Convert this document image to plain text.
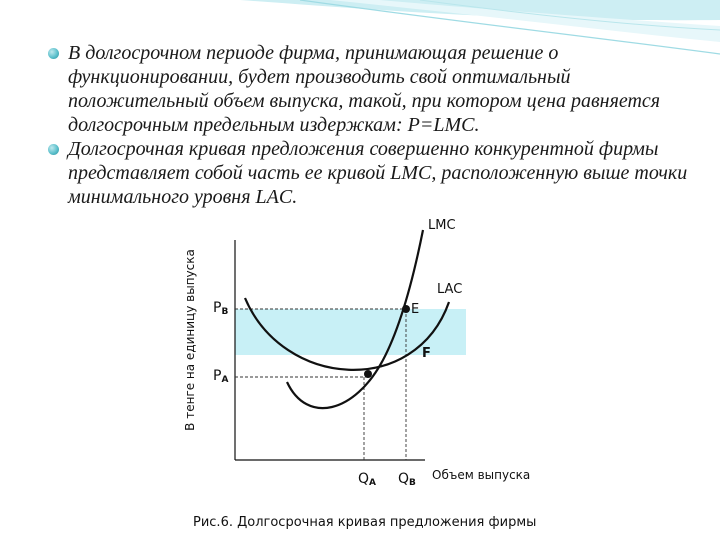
В долгосрочном периоде фирма, принимающая решение о функционировании, будет производить свой оптимальный положительный объем выпуска, такой, при котором цена равняется долгосрочным предельным издержкам: P=LMC.
Долгосрочная кривая предложения совершенно конкурентной фирмы представляет собой часть ее кривой LMC, расположенную выше точки минимального уровня LAC.
В тенге на единицу выпуска
LMC
LAC
PB
PA
E
F
QA QB
Объем выпуска
Рис.6. Долгосрочная кривая предложения фирмы
